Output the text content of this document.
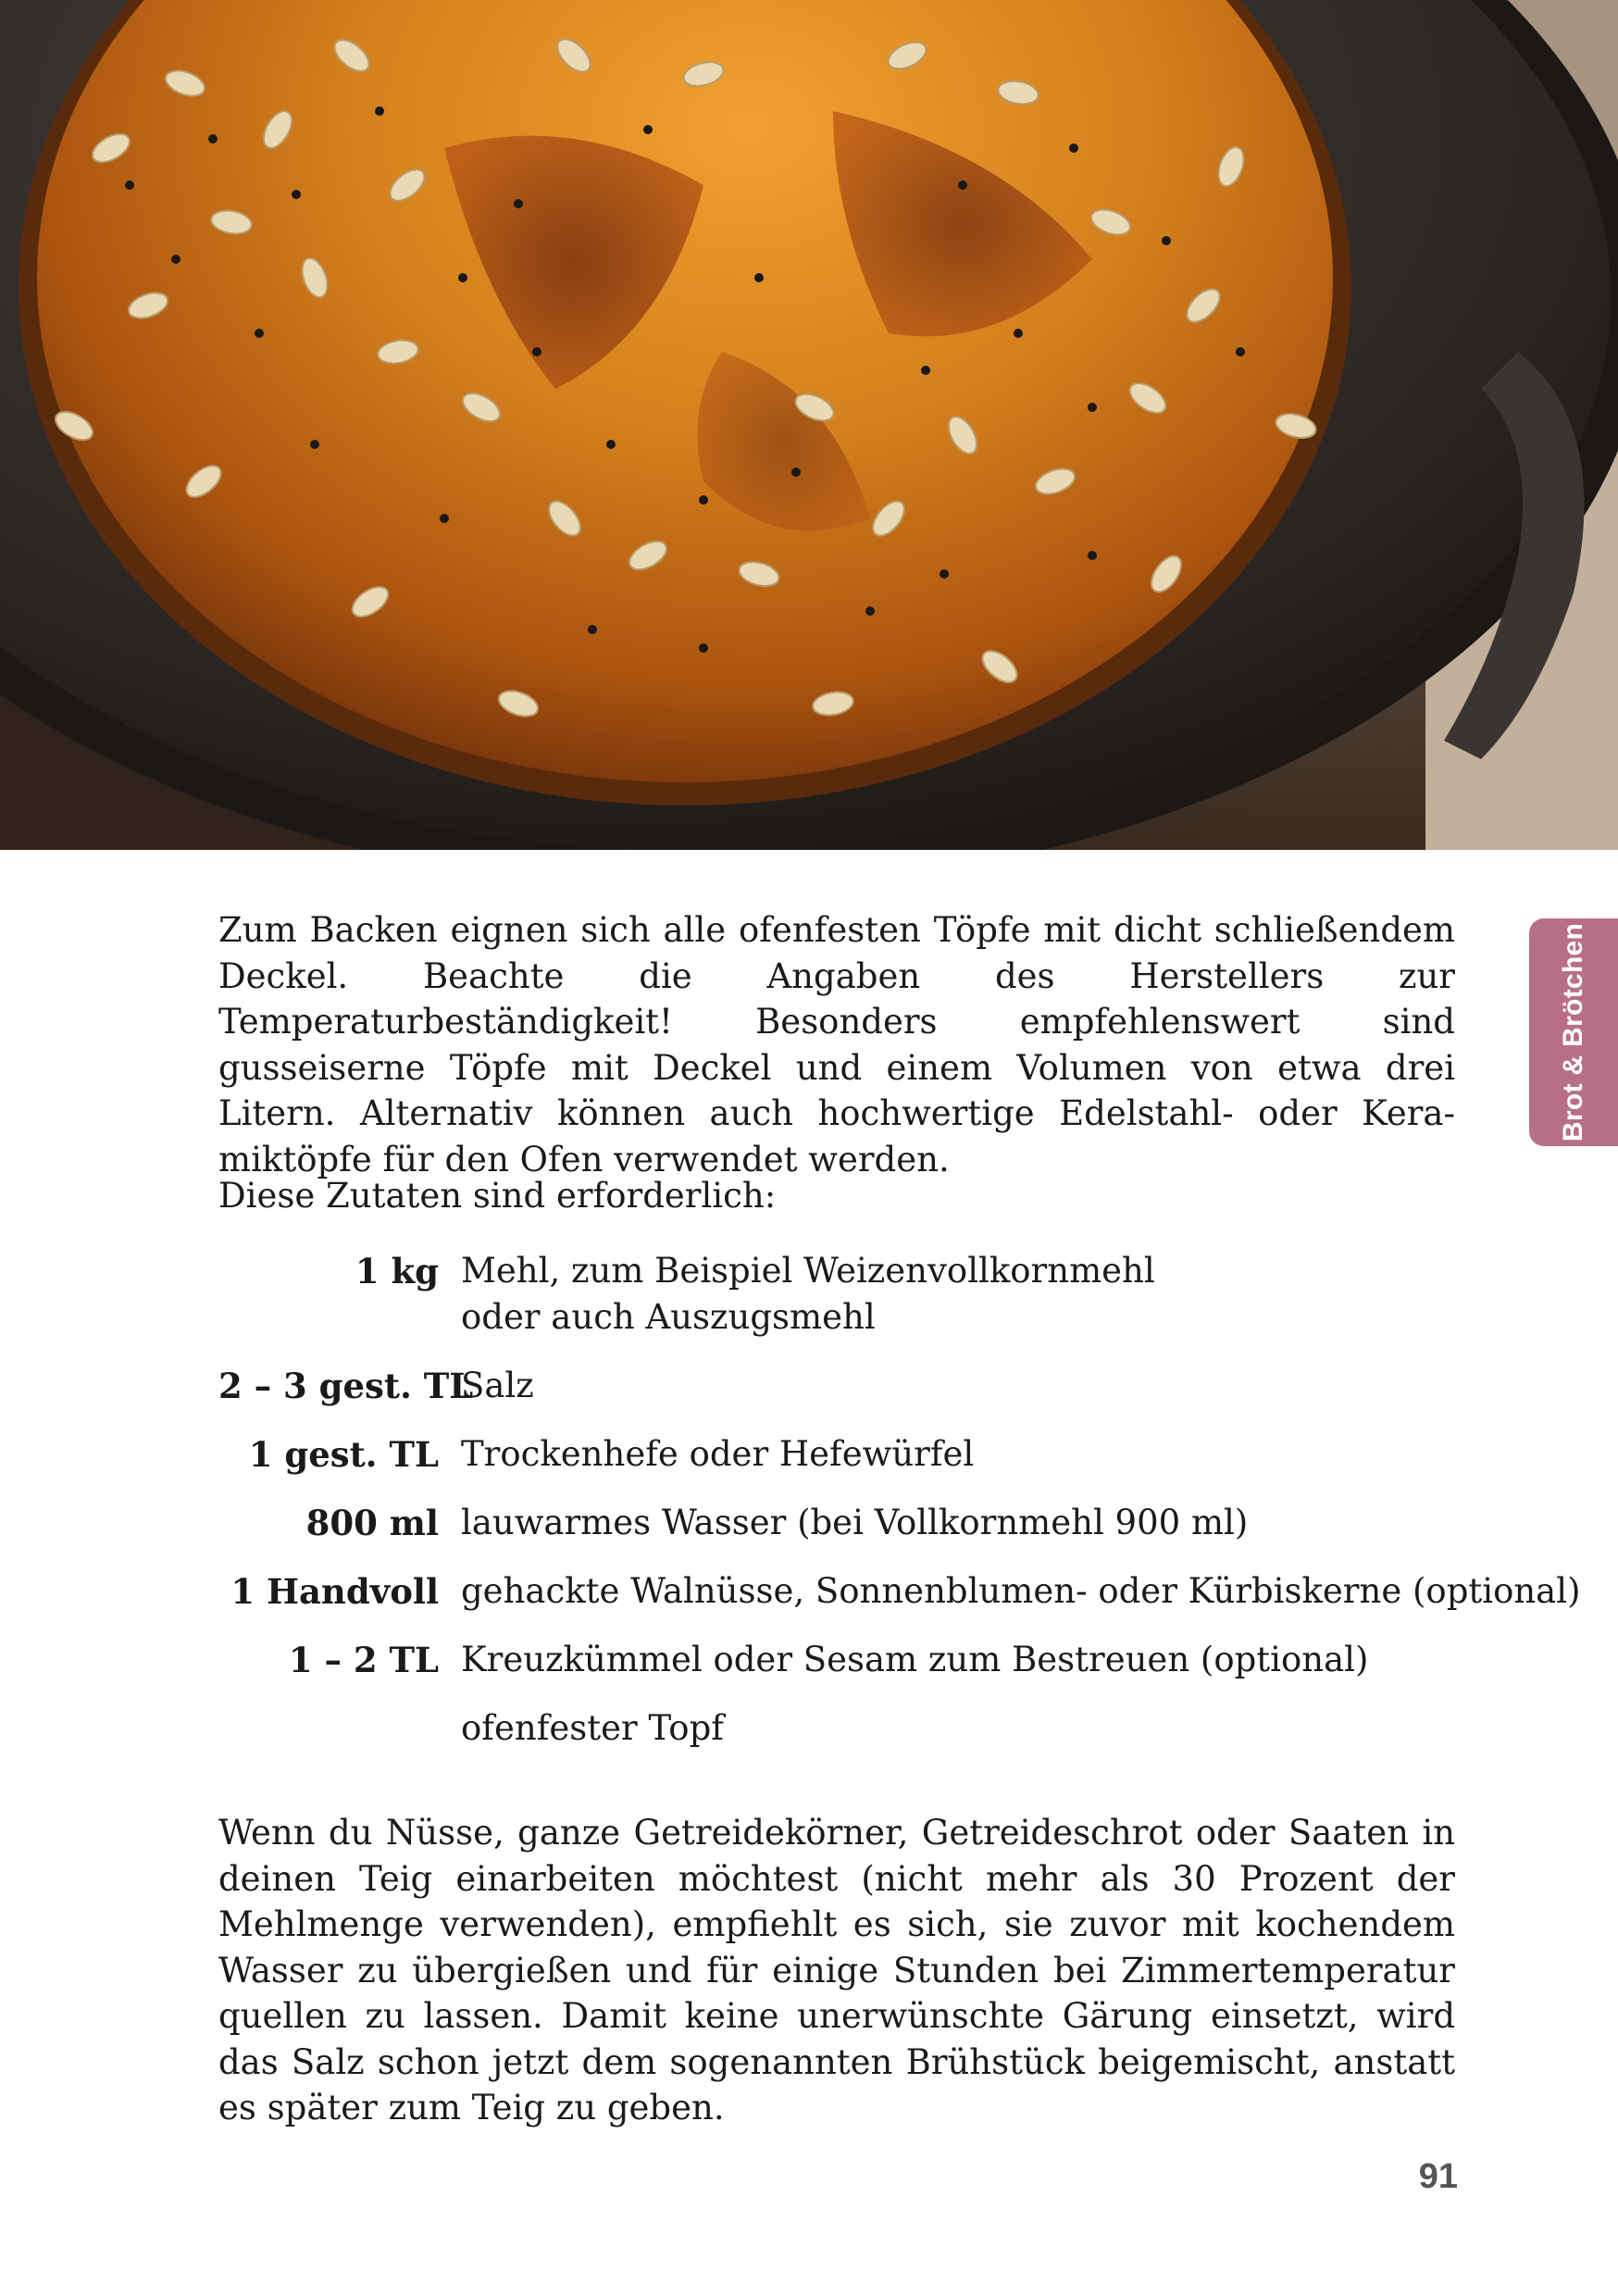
Brot & Brötchen

Zum Backen eignen sich alle ofenfesten Töpfe mit dicht schließendem Deckel. Beachte die Angaben des Herstellers zur Temperaturbeständigkeit! Besonders empfehlenswert sind gusseiserne Töpfe mit Deckel und einem Volumen von etwa drei Litern. Alternativ können auch hochwertige Edelstahl- oder Keramiktöpfe für den Ofen verwendet werden.

Diese Zutaten sind erforderlich:

1 kg Mehl, zum Beispiel Weizenvollkornmehl
oder auch Auszugsmehl
2 – 3 gest. TL
Salz
1 gest. TL Trockenhefe oder Hefewürfel
800 ml lauwarmes Wasser (bei Vollkornmehl 900 ml)
1 Handvoll gehackte Walnüsse, Sonnenblumen- oder Kürbiskerne (optional)
1 – 2 TL Kreuzkümmel oder Sesam zum Bestreuen (optional)
ofenfester Topf

Wenn du Nüsse, ganze Getreidekörner, Getreideschrot oder Saaten in deinen Teig einarbeiten möchtest (nicht mehr als 30 Prozent der Mehlmenge verwenden), empfiehlt es sich, sie zuvor mit kochendem Wasser zu übergießen und für einige Stunden bei Zimmertemperatur quellen zu lassen. Damit keine unerwünschte Gärung einsetzt, wird das Salz schon jetzt dem sogenannten Brühstück beigemischt, anstatt es später zum Teig zu geben.

91
